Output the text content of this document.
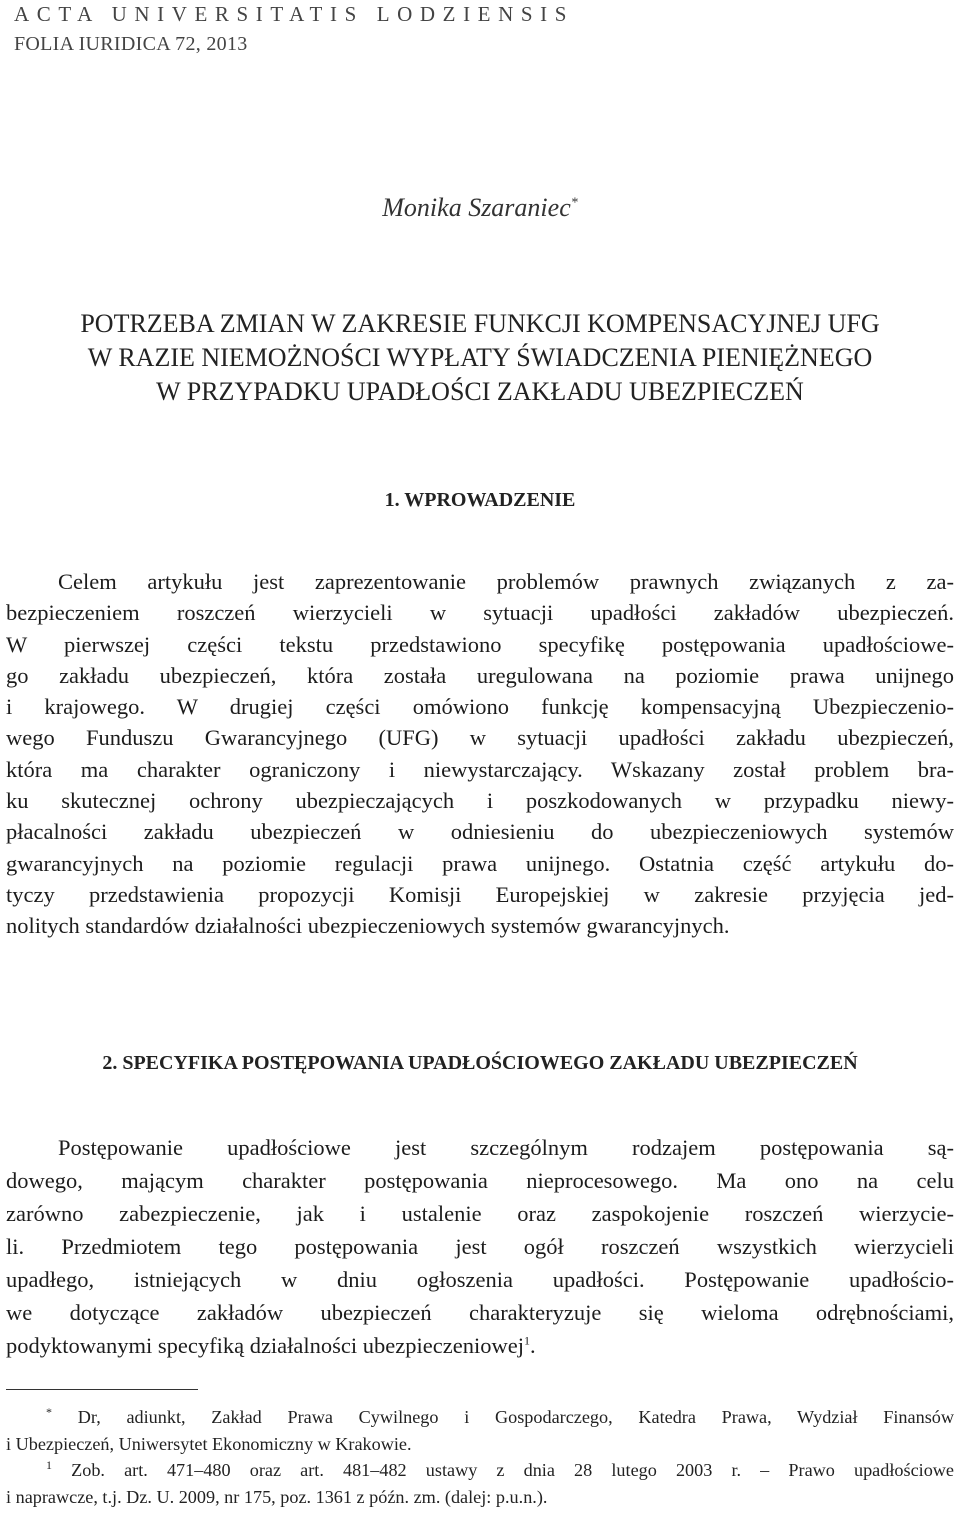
ACTA UNIVERSITATIS LODZIENSIS
FOLIA IURIDICA 72, 2013
Monika Szaraniec*
POTRZEBA ZMIAN W ZAKRESIE FUNKCJI KOMPENSACYJNEJ UFG
W RAZIE NIEMOŻNOŚCI WYPŁATY ŚWIADCZENIA PIENIĘŻNEGO
W PRZYPADKU UPADŁOŚCI ZAKŁADU UBEZPIECZEŃ
1. WPROWADZENIE
Celem artykułu jest zaprezentowanie problemów prawnych związanych z za-
bezpieczeniem roszczeń wierzycieli w sytuacji upadłości zakładów ubezpieczeń.
W pierwszej części tekstu przedstawiono specyfikę postępowania upadłościowe-
go zakładu ubezpieczeń, która została uregulowana na poziomie prawa unijnego
i krajowego. W drugiej części omówiono funkcję kompensacyjną Ubezpieczenio-
wego Funduszu Gwarancyjnego (UFG) w sytuacji upadłości zakładu ubezpieczeń,
która ma charakter ograniczony i niewystarczający. Wskazany został problem bra-
ku skutecznej ochrony ubezpieczających i poszkodowanych w przypadku niewy-
płacalności zakładu ubezpieczeń w odniesieniu do ubezpieczeniowych systemów
gwarancyjnych na poziomie regulacji prawa unijnego. Ostatnia część artykułu do-
tyczy przedstawienia propozycji Komisji Europejskiej w zakresie przyjęcia jed-
nolitych standardów działalności ubezpieczeniowych systemów gwarancyjnych.
2. SPECYFIKA POSTĘPOWANIA UPADŁOŚCIOWEGO ZAKŁADU UBEZPIECZEŃ
Postępowanie upadłościowe jest szczególnym rodzajem postępowania są-
dowego, mającym charakter postępowania nieprocesowego. Ma ono na celu
zarówno zabezpieczenie, jak i ustalenie oraz zaspokojenie roszczeń wierzycie-
li. Przedmiotem tego postępowania jest ogół roszczeń wszystkich wierzycieli
upadłego, istniejących w dniu ogłoszenia upadłości. Postępowanie upadłościo-
we dotyczące zakładów ubezpieczeń charakteryzuje się wieloma odrębnościami,
podyktowanymi specyfiką działalności ubezpieczeniowej$^1$.
* Dr, adiunkt, Zakład Prawa Cywilnego i Gospodarczego, Katedra Prawa, Wydział Finansów
i Ubezpieczeń, Uniwersytet Ekonomiczny w Krakowie.
$^1$ Zob. art. 471–480 oraz art. 481–482 ustawy z dnia 28 lutego 2003 r. – Prawo upadłościowe
i naprawcze, t.j. Dz. U. 2009, nr 175, poz. 1361 z późn. zm. (dalej: p.u.n.).
